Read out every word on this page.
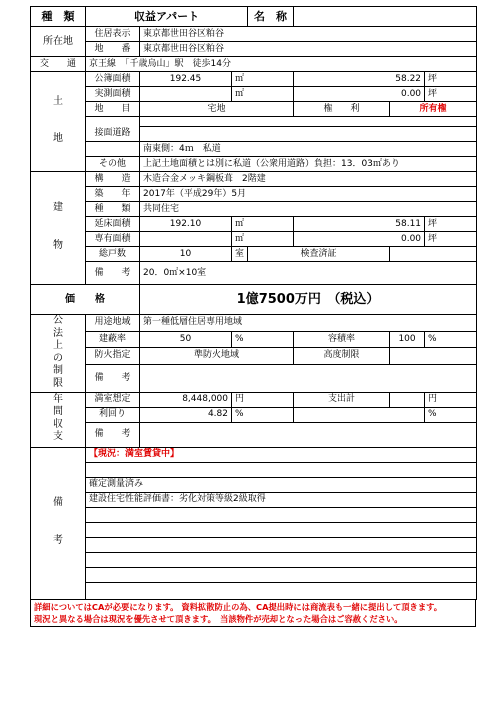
種　類	収益アパート			名　称			
所在地	住居表示	東京都世田谷区粕谷					
	地　　番	東京都世田谷区粕谷					
交　　通	京王線　「千歳烏山」駅　徒歩14分						
土

地	公簿面積	192.45	㎡		58.22		坪
	実測面積		㎡		0.00		坪
	地　　目	宅地			権　　利	所有権	

	接面道路						
		南東側：4ｍ　私道					
	その他	上記土地面積とは別に私道（公衆用道路）負担：13．03㎡あり					
建

物	構　　造	木造合金メッキ鋼板葺　2階建					
	築　　年	2017年（平成29年）5月					
	種　　類	共同住宅					
	延床面積	192.10	㎡		58.11		坪
	専有面積		㎡		0.00		坪
	総戸数	10	室	検査済証			
	備　　考	20．0㎡×10室					
価　　格		1億7500万円　（税込）					
公法上の制限	用途地域	第一種低層住居専用地域					
	建蔽率	50	%		容積率	100	%
	防火指定	準防火地域			高度制限		
	備　　考						
年間収支	満室想定	8,448,000	円		支出計		円
	利回り	4.82	%				%
	備　　考						
備

考	【現況：満室賃貸中】						

	確定測量済み						
	建設住宅性能評価書：劣化対策等級2級取得						

詳細についてはCAが必要になります。 資料拡散防止の為、CA提出時には商流表も一緒に提出して頂きます。
現況と異なる場合は現況を優先させて頂きます。　当該物件が売却となった場合はご容赦ください。
